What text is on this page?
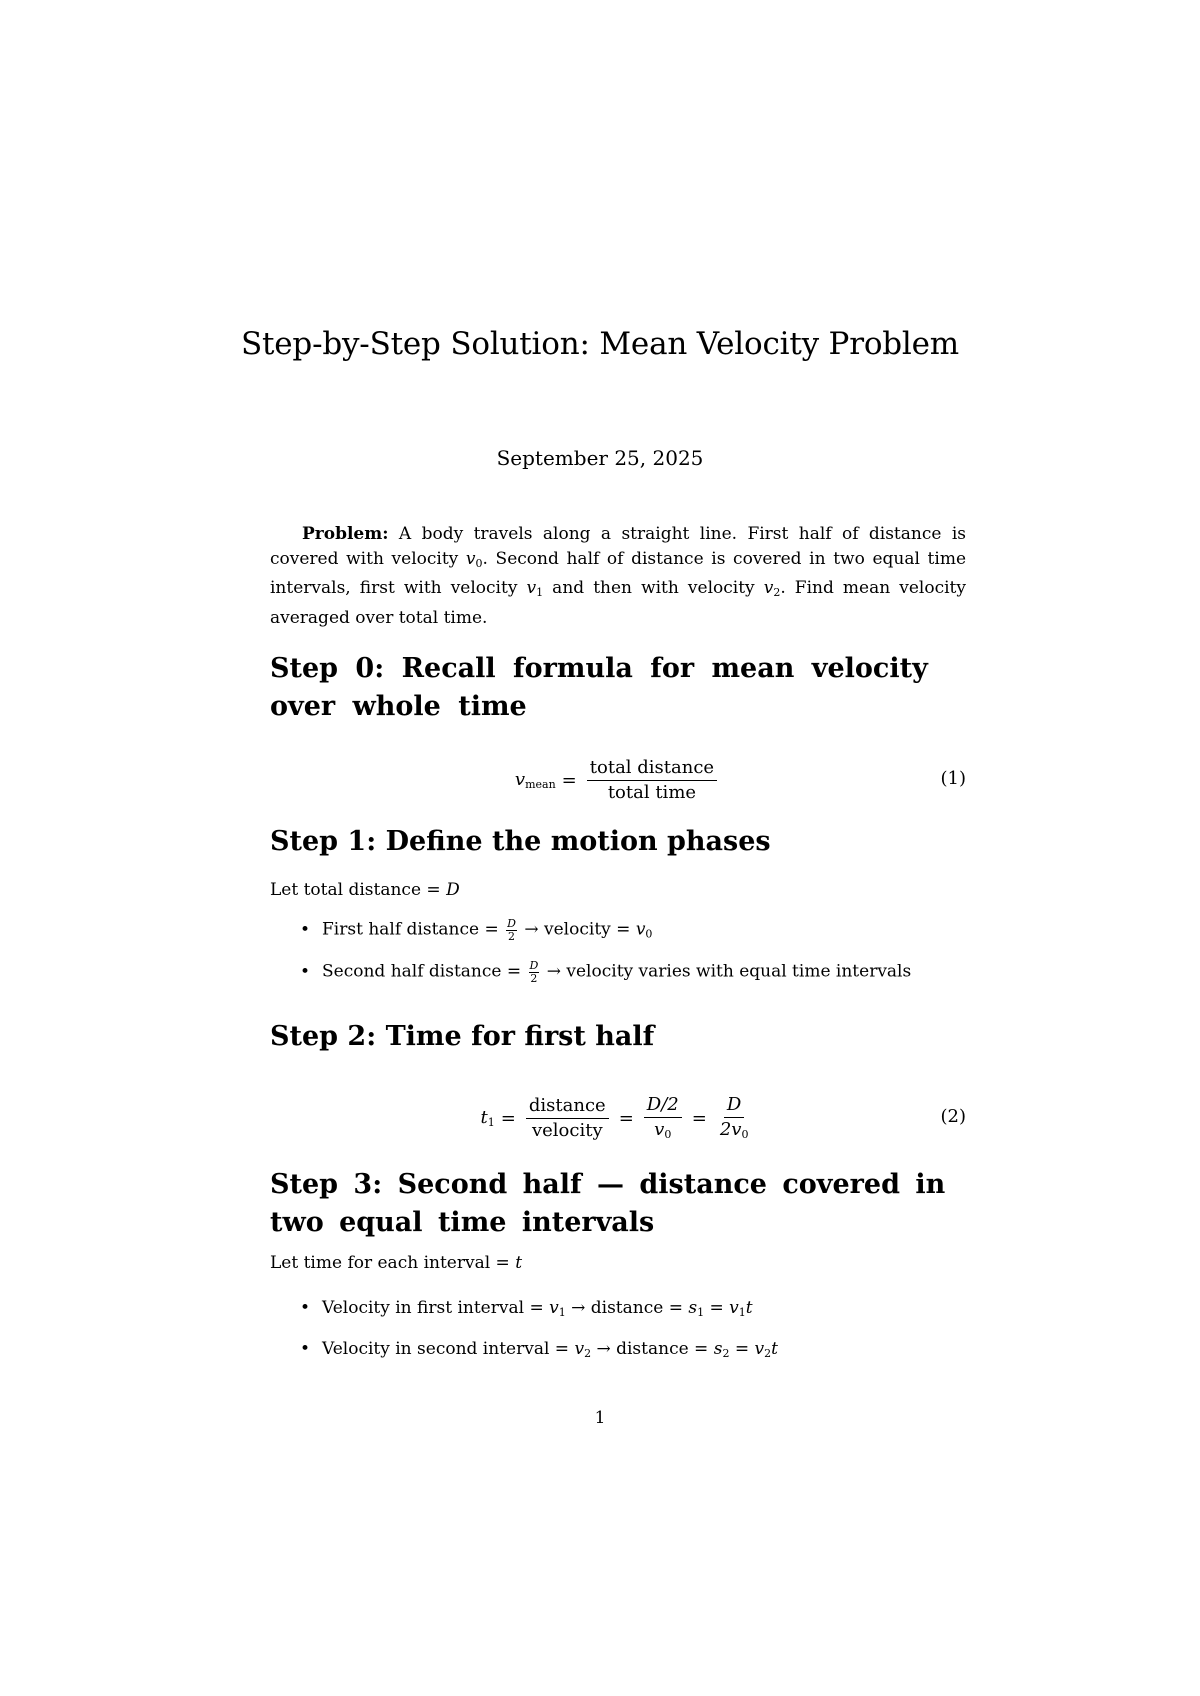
Step-by-Step Solution: Mean Velocity Problem
September 25, 2025
Problem: A body travels along a straight line. First half of distance is covered with velocity $v_0$. Second half of distance is covered in two equal time intervals, first with velocity $v_1$ and then with velocity $v_2$. Find mean velocity averaged over total time.
Step 0: Recall formula for mean velocity over whole time
$v_{mean} = \frac{\text{total distance}}{\text{total time}}$	(1)
Step 1: Define the motion phases
Let total distance = D
• First half distance = $\frac{D}{2}$ → velocity = $v_0$
• Second half distance = $\frac{D}{2}$ → velocity varies with equal time intervals
Step 2: Time for first half
$t_1 = \frac{\text{distance}}{\text{velocity}} = \frac{D/2}{v_0} = \frac{D}{2v_0}$	(2)
Step 3: Second half — distance covered in two equal time intervals
Let time for each interval = t
• Velocity in first interval = $v_1$ → distance = $s_1 = v_1t$
• Velocity in second interval = $v_2$ → distance = $s_2 = v_2t$
1
